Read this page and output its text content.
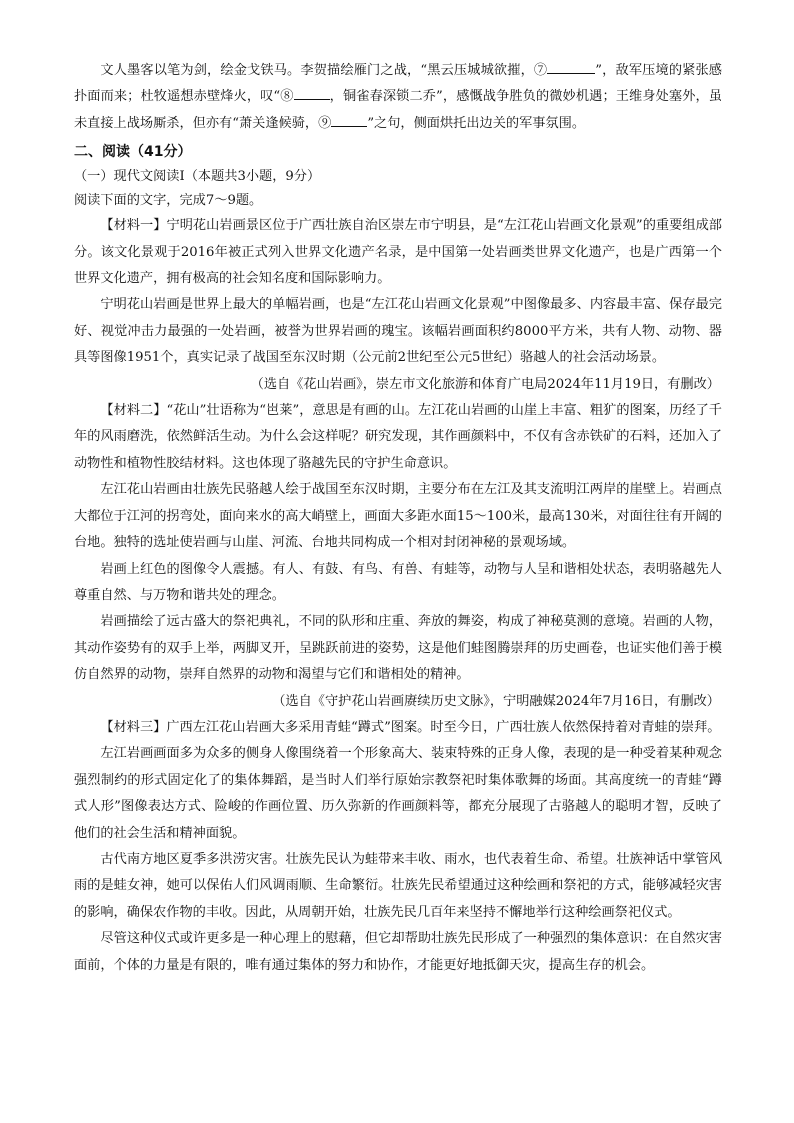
文人墨客以笔为剑，绘金戈铁马。李贺描绘雁门之战，“黑云压城城欲摧，⑦	”，敌军压境的紧张感扑面而来；杜牧遥想赤壁烽火，叹“⑧	，铜雀春深锁二乔”，感慨战争胜负的微妙机遇；王维身处塞外，虽未直接上战场厮杀，但亦有“萧关逢候骑，⑨	”之句，侧面烘托出边关的军事氛围。

二、阅读（41分）

（一）现代文阅读Ⅰ（本题共3小题，9分）

阅读下面的文字，完成7～9题。

【材料一】宁明花山岩画景区位于广西壮族自治区崇左市宁明县，是“左江花山岩画文化景观”的重要组成部分。该文化景观于2016年被正式列入世界文化遗产名录，是中国第一处岩画类世界文化遗产，也是广西第一个世界文化遗产，拥有极高的社会知名度和国际影响力。

宁明花山岩画是世界上最大的单幅岩画，也是“左江花山岩画文化景观”中图像最多、内容最丰富、保存最完好、视觉冲击力最强的一处岩画，被誉为世界岩画的瑰宝。该幅岩画面积约8000平方米，共有人物、动物、器具等图像1951个，真实记录了战国至东汉时期（公元前2世纪至公元5世纪）骆越人的社会活动场景。

（选自《花山岩画》，崇左市文化旅游和体育广电局2024年11月19日，有删改）

【材料二】“花山”壮语称为“岜莱”，意思是有画的山。左江花山岩画的山崖上丰富、粗犷的图案，历经了千年的风雨磨洗，依然鲜活生动。为什么会这样呢？研究发现，其作画颜料中，不仅有含赤铁矿的石料，还加入了动物性和植物性胶结材料。这也体现了骆越先民的守护生命意识。

左江花山岩画由壮族先民骆越人绘于战国至东汉时期，主要分布在左江及其支流明江两岸的崖壁上。岩画点大都位于江河的拐弯处，面向来水的高大峭壁上，画面大多距水面15～100米，最高130米，对面往往有开阔的台地。独特的选址使岩画与山崖、河流、台地共同构成一个相对封闭神秘的景观场域。

岩画上红色的图像令人震撼。有人、有鼓、有鸟、有兽、有蛙等，动物与人呈和谐相处状态，表明骆越先人尊重自然、与万物和谐共处的理念。

岩画描绘了远古盛大的祭祀典礼，不同的队形和庄重、奔放的舞姿，构成了神秘莫测的意境。岩画的人物，其动作姿势有的双手上举，两脚叉开，呈跳跃前进的姿势，这是他们蛙图腾崇拜的历史画卷，也证实他们善于模仿自然界的动物，崇拜自然界的动物和渴望与它们和谐相处的精神。

（选自《守护花山岩画赓续历史文脉》，宁明融媒2024年7月16日，有删改）

【材料三】广西左江花山岩画大多采用青蛙“蹲式”图案。时至今日，广西壮族人依然保持着对青蛙的崇拜。

左江岩画画面多为众多的侧身人像围绕着一个形象高大、装束特殊的正身人像，表现的是一种受着某种观念强烈制约的形式固定化了的集体舞蹈，是当时人们举行原始宗教祭祀时集体歌舞的场面。其高度统一的青蛙“蹲式人形”图像表达方式、险峻的作画位置、历久弥新的作画颜料等，都充分展现了古骆越人的聪明才智，反映了他们的社会生活和精神面貌。

古代南方地区夏季多洪涝灾害。壮族先民认为蛙带来丰收、雨水，也代表着生命、希望。壮族神话中掌管风雨的是蛙女神，她可以保佑人们风调雨顺、生命繁衍。壮族先民希望通过这种绘画和祭祀的方式，能够减轻灾害的影响，确保农作物的丰收。因此，从周朝开始，壮族先民几百年来坚持不懈地举行这种绘画祭祀仪式。

尽管这种仪式或许更多是一种心理上的慰藉，但它却帮助壮族先民形成了一种强烈的集体意识：在自然灾害面前，个体的力量是有限的，唯有通过集体的努力和协作，才能更好地抵御天灾，提高生存的机会。
